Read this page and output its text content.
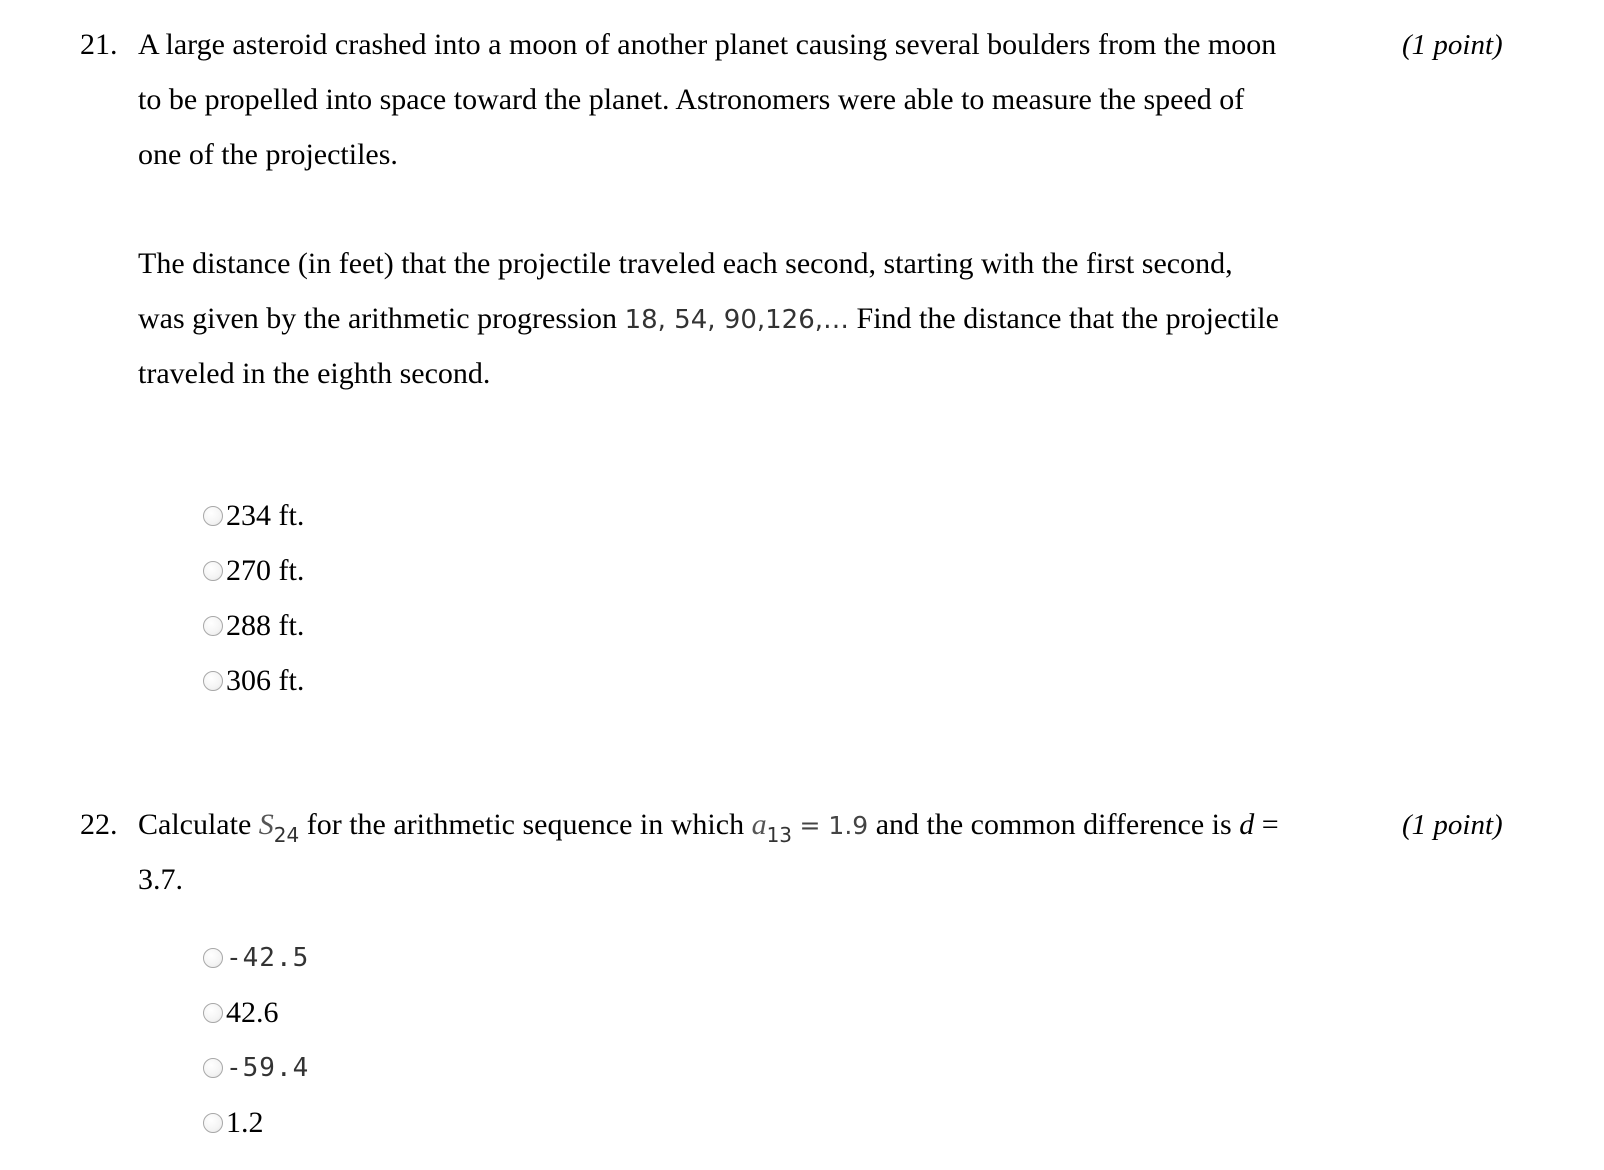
21.	(1 point)
A large asteroid crashed into a moon of another planet causing several boulders from the moon
to be propelled into space toward the planet. Astronomers were able to measure the speed of
one of the projectiles.
The distance (in feet) that the projectile traveled each second, starting with the first second,
was given by the arithmetic progression 18, 54, 90,126,… Find the distance that the projectile
traveled in the eighth second.
234 ft.
270 ft.
288 ft.
306 ft.
22.	(1 point)
Calculate $S_{24}$ for the arithmetic sequence in which $a_{13} = 1.9$ and the common difference is d =
3.7.
-42.5
42.6
-59.4
1.2
